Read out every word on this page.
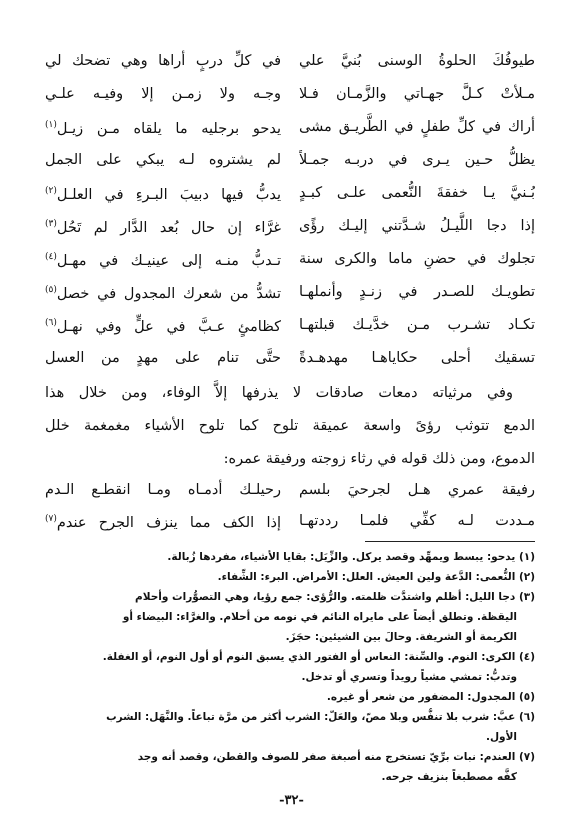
طيوفُكَ الحلوةُ الوسنى بُنيَّ علي
في كلِّ دربٍ أراها وهي تضحك لي
مـلأتْ كـلَّ جهـاتي والزَّمـان فـلا
وجـه ولا زمـن إلا وفيـه علـي
أراك في كلِّ طفلٍ في الطَّريـق مشى
يدحو برجليه ما يلقاه مـن زيـل$^{(١)}$
يظلُّ حـين يـرى في دربـه جمـلاً
لم يشتروه لـه يبكي على الجمل
بُـنيَّ يـا خفقةَ النُّعمى علـى كبـدٍ
يدبُّ فيها دبيبَ البـرءِ في العلـل$^{(٢)}$
إذا دجا اللَّيـلُ شـدَّتني إليـك رؤًى
غرَّاء إن حال بُعد الدَّار لم تَحُل$^{(٣)}$
تجلوك في حضنِ ماما والكرى سنة
تـدبُّ منـه إلى عينيـك في مهـل$^{(٤)}$
تطويـك للصـدر في زنـدٍ وأنملهـا
تشدُّ من شعرك المجدول في خصل$^{(٥)}$
تكـاد تشـرب مـن خدَّيـك قبلتهـا
كظامئٍ عـبَّ في علٍّ وفي نهـل$^{(٦)}$
تسقيك أحلى حكاياهـا مهدهـدةً
حتَّى تنام على مهدٍ من العسل
وفي مرثياته دمعات صادقات لا يذرفها إلاَّ الوفاء، ومن خلال هذا
الدمع تتوثب رؤىً واسعة عميقة تلوح كما تلوح الأشياء مغمغمة خلل
الدموع، ومن ذلك قوله في رثاء زوجته ورفيقة عمره:
رفيقة عمري هـل لجرحيَ بلسم
رحيلـك أدمـاه ومـا انقطـع الـدم
مـددت لـه كفِّي فلمـا رددتهـا
إذا الكف مما ينزف الجرح عندم$^{(٧)}$
(١) يدحو: يبسط ويمهِّد وقصد يركل. والزِّيَل: بقايا الأشياء، مفردها زُبالة.
(٢) النُّعمى: الدَّعة ولين العيش. العلل: الأمراض. البرء: الشِّفاء.
(٣) دجا الليل: أظلم واشتدَّت ظلمته. والرُّؤى: جمع رؤيا، وهي التصوُّرات وأحلام
اليقظة. وتطلق أيضاً على مايراه النائم في نومه من أحلام. والغرَّاء: البيضاء أو
الكريمة أو الشريفة. وحالَ بين الشيئين: حجَزَ.
(٤) الكرى: النوم. والسِّنة: النعاس أو الفتور الذي يسبق النوم أو أول النوم، أو الغفلة.
وتدبُّ: تمشي مشياً رويداً وتسري أو تدخل.
(٥) المجدول: المضفور من شعر أو غيره.
(٦) عبَّ: شرب بلا تنفُّس وبلا مصّ، والعَلّ: الشرب أكثر من مرَّة تباعاً. والنَّهَل: الشرب
الأول.
(٧) العندم: نبات برِّيّ تستخرج منه أصبغة صفر للصوف والقطن، وقصد أنه وجد
كفَّه مصطبغاً بنزيف جرحه.
-٣٢-
